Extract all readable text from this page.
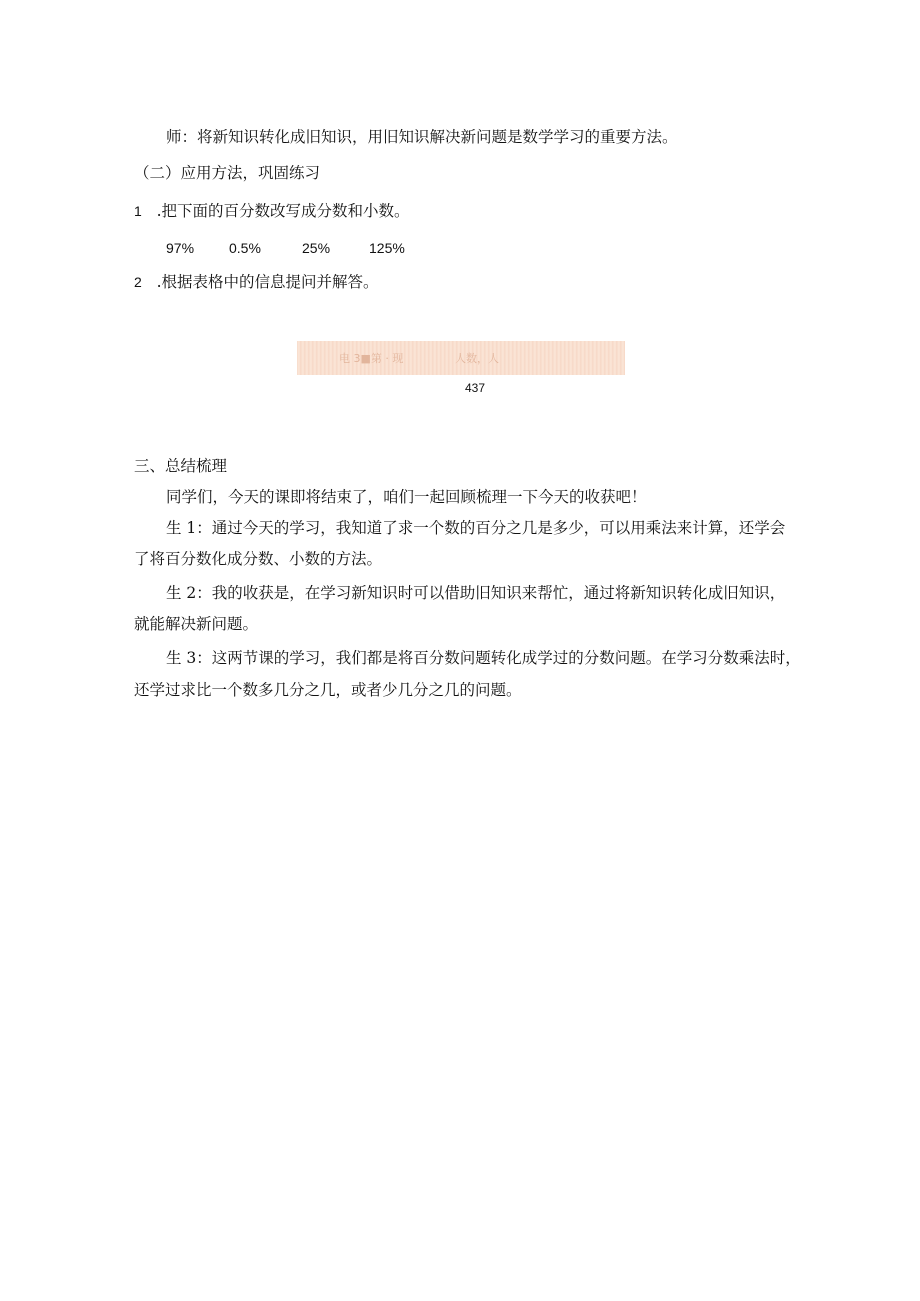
师：将新知识转化成旧知识，用旧知识解决新问题是数学学习的重要方法。
（二）应用方法，巩固练习
1 .把下面的百分数改写成分数和小数。
97% 0.5%	25%	125%
2 .根据表格中的信息提问并解答。
电 3■第 · 现	人数，人
437
三、总结梳理
同学们，今天的课即将结束了，咱们一起回顾梳理一下今天的收获吧！
生 1：通过今天的学习，我知道了求一个数的百分之几是多少，可以用乘法来计算，还学会
了将百分数化成分数、小数的方法。
生 2：我的收获是，在学习新知识时可以借助旧知识来帮忙，通过将新知识转化成旧知识，
就能解决新问题。
生 3：这两节课的学习，我们都是将百分数问题转化成学过的分数问题。在学习分数乘法时，
还学过求比一个数多几分之几，或者少几分之几的问题。
